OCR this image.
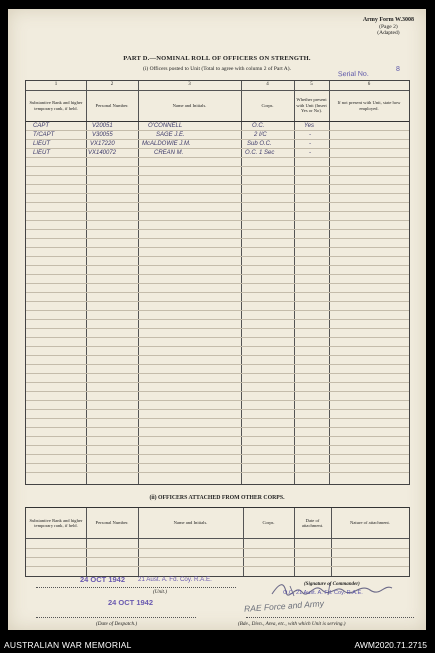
Army Form W.3008
(Page 2)
(Adapted)
PART D.—NOMINAL ROLL OF OFFICERS ON STRENGTH.
(i) Officers posted to Unit (Total to agree with column 2 of Part A).
Serial No.
8
1	2	3	4	5	6
Substantive Rank and higher temporary rank, if held.
Personal Number.	Name and Initials.	Corps.
Whether present with Unit (Insert Yes or No).
If not present with Unit, state how employed.
CAPT	V20051	O'CONNELL	O.C.	Yes
T/CAPT	V30055	SAGE J.E.	2 I/C	-
LIEUT	VX17220	McALDOWIE J.M.	Sub O.C.	-
LIEUT	VX140072	CREAN M.	O.C. 1 Sec	-
(ii) OFFICERS ATTACHED FROM OTHER CORPS.
Substantive Rank and higher temporary rank, if held.
Personal Number.	Name and Initials.	Corps.
Date of attachment.
Nature of attachment.
24 OCT 1942 21 Aust. A. Fd. Coy. R.A.E.
(Unit.)
(Signature of Commander)
O.C. 21 Aust. A. Fd. Coy. R.A.E.
24 OCT 1942	RAE Force and Army
(Date of Despatch.)	(Bde., Divn., Area, etc., with which Unit is serving.)
AUSTRALIAN WAR MEMORIAL	AWM2020.71.2715
